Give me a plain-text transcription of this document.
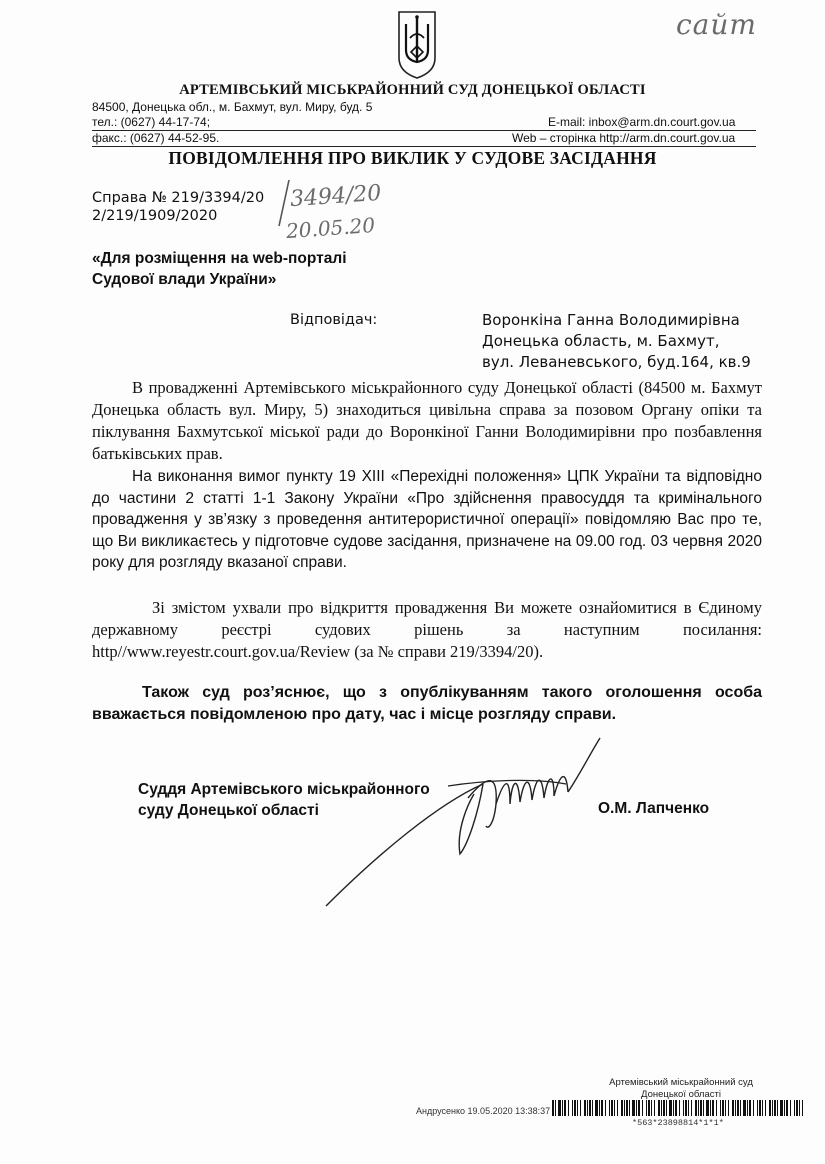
сайт
АРТЕМІВСЬКИЙ МІСЬКРАЙОННИЙ СУД ДОНЕЦЬКОЇ ОБЛАСТІ
84500, Донецька обл., м. Бахмут, вул. Миру, буд. 5
тел.: (0627) 44-17-74;	E-mail: inbox@arm.dn.court.gov.ua
факс.: (0627) 44-52-95.	Web – сторінка http://arm.dn.court.gov.ua
ПОВІДОМЛЕННЯ ПРО ВИКЛИК У СУДОВЕ ЗАСІДАННЯ
Справа № 219/3394/20
2/219/1909/2020
3494/20
20.05.20
«Для розміщення на web-порталі
Судової влади України»
Відповідач:	Воронкіна Ганна Володимирівна
Донецька область, м. Бахмут,
вул. Леваневського, буд.164, кв.9
В провадженні Артемівського міськрайонного суду Донецької області (84500 м. Бахмут Донецька область вул. Миру, 5) знаходиться цивільна справа за позовом Органу опіки та піклування Бахмутської міської ради до Воронкіної Ганни Володимирівни про позбавлення батьківських прав.
На виконання вимог пункту 19 ХIII «Перехідні положення» ЦПК України та відповідно до частини 2 статті 1-1 Закону України «Про здійснення правосуддя та кримінального провадження у зв’язку з проведення антитерористичної операції» повідомляю Вас про те, що Ви викликаєтесь у підготовче судове засідання, призначене на 09.00 год. 03 червня 2020 року для розгляду вказаної справи.
Зі змістом ухвали про відкриття провадження Ви можете ознайомитися в Єдиному державному реєстрі судових рішень за наступним посилання: http//www.reyestr.court.gov.ua/Review (за № справи 219/3394/20).
Також суд роз’яснює, що з опублікуванням такого оголошення особа вважається повідомленою про дату, час і місце розгляду справи.
Суддя Артемівського міськрайонного
суду Донецької області	О.М. Лапченко
Артемівський міськрайонний суд
Донецької області
Андрусенко 19.05.2020 13:38:37
*563*23898814*1*1*
